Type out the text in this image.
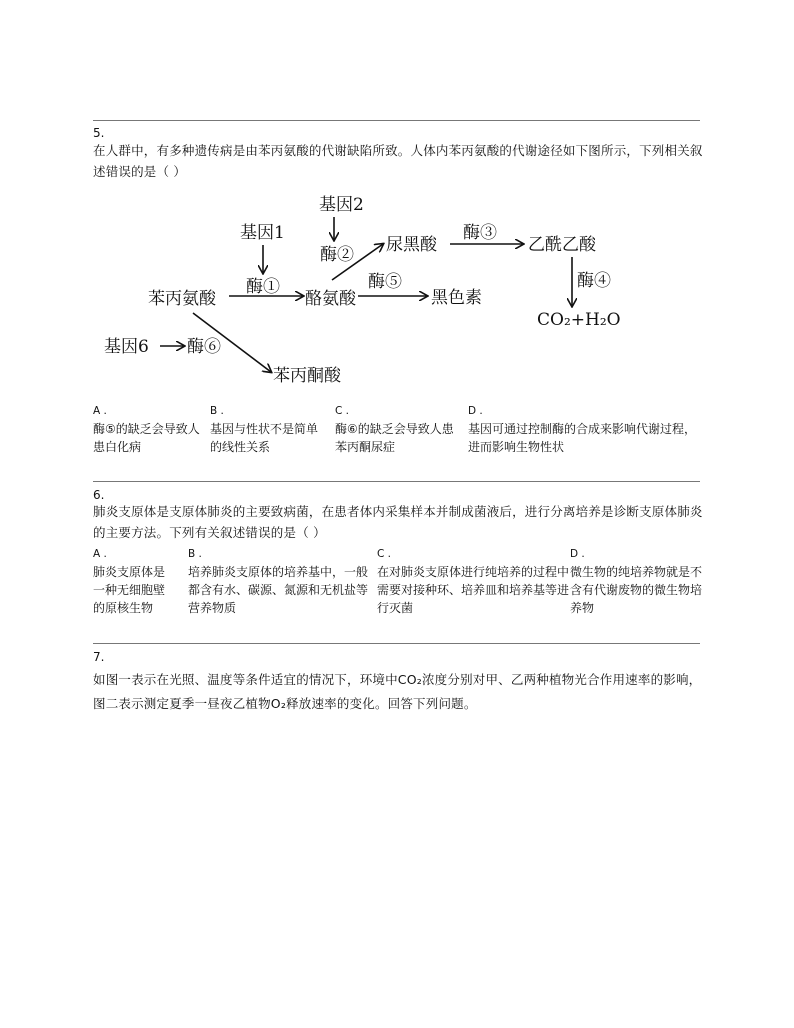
5.
在人群中，有多种遗传病是由苯丙氨酸的代谢缺陷所致。人体内苯丙氨酸的代谢途径如下图所示，下列相关叙述错误的是（ ）
基因2
基因1
酶②
酶①
尿黑酸
酶③
乙酰乙酸
苯丙氨酸	酪氨酸
酶⑤
黑色素
酶④
CO₂+H₂O
基因6 酶⑥
苯丙酮酸
A .
酶⑤的缺乏会导致人患白化病
B .
基因与性状不是简单的线性关系
C .
酶⑥的缺乏会导致人患苯丙酮尿症
D .
基因可通过控制酶的合成来影响代谢过程，进而影响生物性状
6.
肺炎支原体是支原体肺炎的主要致病菌，在患者体内采集样本并制成菌液后，进行分离培养是诊断支原体肺炎的主要方法。下列有关叙述错误的是（ ）
A .
肺炎支原体是一种无细胞壁的原核生物
B .
培养肺炎支原体的培养基中，一般都含有水、碳源、氮源和无机盐等营养物质
C .
在对肺炎支原体进行纯培养的过程中需要对接种环、培养皿和培养基等进行灭菌
D .
微生物的纯培养物就是不含有代谢废物的微生物培养物
7.
如图一表示在光照、温度等条件适宜的情况下，环境中CO₂浓度分别对甲、乙两种植物光合作用速率的影响，图二表示测定夏季一昼夜乙植物O₂释放速率的变化。回答下列问题。
